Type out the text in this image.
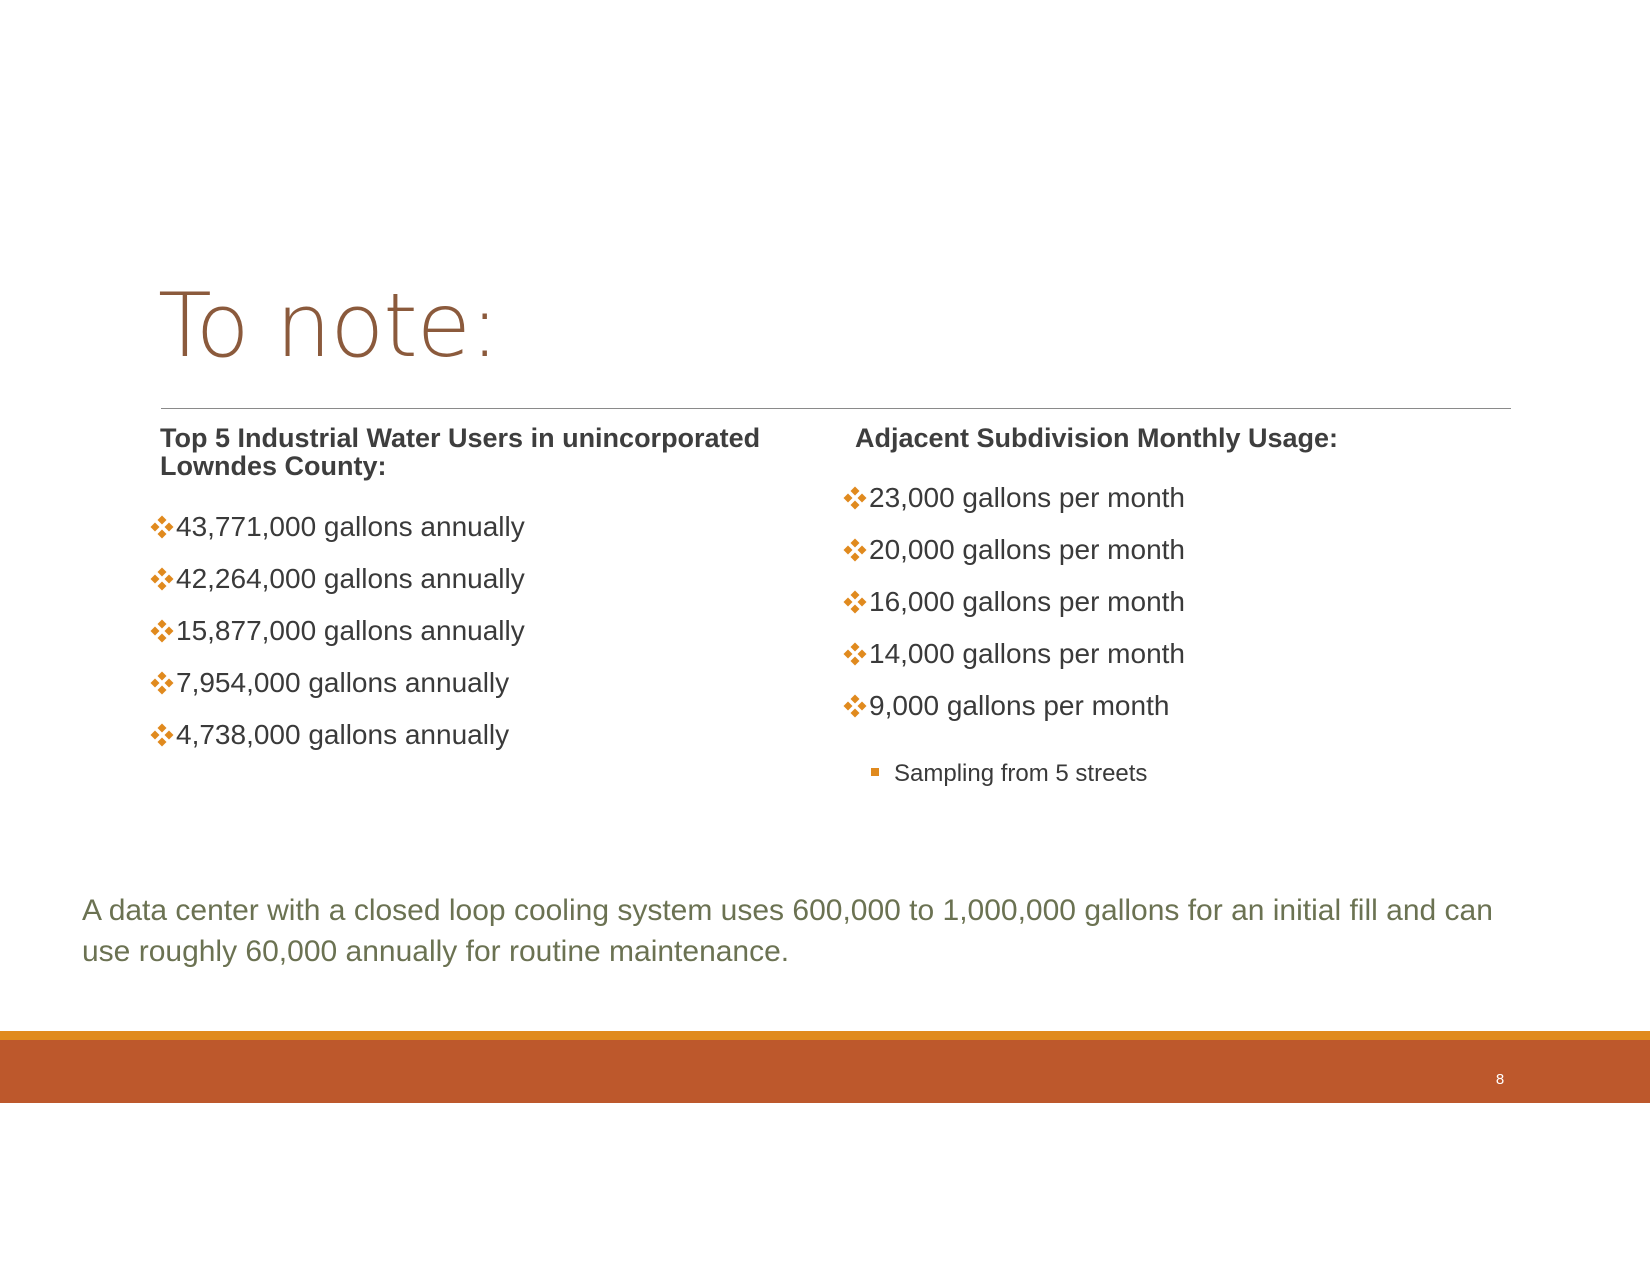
To note:
Top 5 Industrial Water Users in unincorporated
Lowndes County:
43,771,000 gallons annually
42,264,000 gallons annually
15,877,000 gallons annually
7,954,000 gallons annually
4,738,000 gallons annually
Adjacent Subdivision Monthly Usage:
23,000 gallons per month
20,000 gallons per month
16,000 gallons per month
14,000 gallons per month
9,000 gallons per month
Sampling from 5 streets

A data center with a closed loop cooling system uses 600,000 to 1,000,000 gallons for an initial fill and can use roughly 60,000 annually for routine maintenance.

8
